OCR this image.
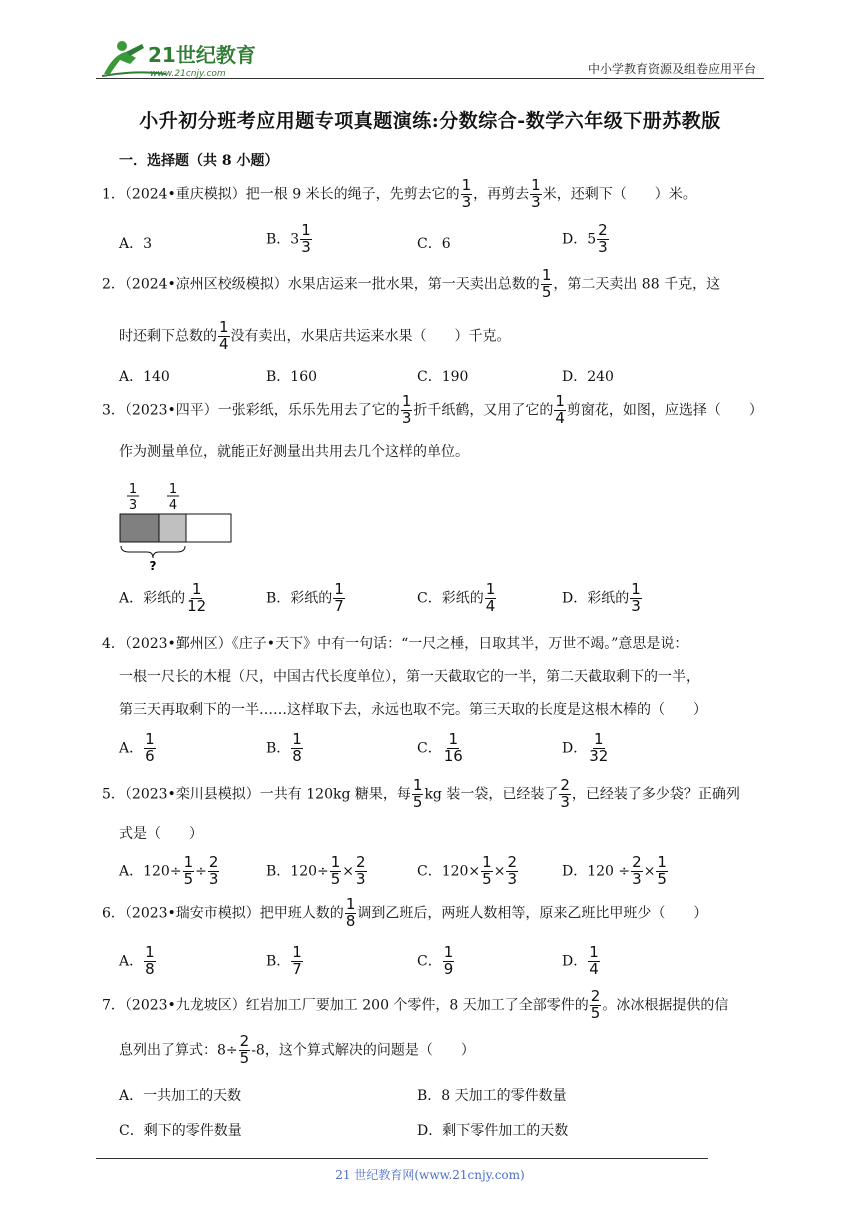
21世纪教育
www.21cnjy.com	中小学教育资源及组卷应用平台
小升初分班考应用题专项真题演练:分数综合-数学六年级下册苏教版
一．选择题（共 8 小题）
1．（2024•重庆模拟）把一根 9 米长的绳子，先剪去它的 $\frac{1}{3}$ ，再剪去 $\frac{1}{3}$ 米，还剩下（　　）米。
A．3	B．$3 \frac{1}{3}$	C．6	D．$5 \frac{2}{3}$
2．（2024•凉州区校级模拟）水果店运来一批水果，第一天卖出总数的 $\frac{1}{5}$ ，第二天卖出 88 千克，这
时还剩下总数的 $\frac{1}{4}$ 没有卖出，水果店共运来水果（　　）千克。
A．140	B．160	C．190	D．240
3．（2023•四平）一张彩纸，乐乐先用去了它的 $\frac{1}{3}$ 折千纸鹤，又用了它的 $\frac{1}{4}$ 剪窗花，如图，应选择（　　）
作为测量单位，就能正好测量出共用去几个这样的单位。
A．彩纸的 $\frac{1}{12}$	B．彩纸的 $\frac{1}{7}$	C．彩纸的 $\frac{1}{4}$	D．彩纸的 $\frac{1}{3}$
4．（2023•鄞州区）《庄子•天下》中有一句话：“一尺之棰，日取其半，万世不竭。”意思是说：
一根一尺长的木棍（尺，中国古代长度单位），第一天截取它的一半，第二天截取剩下的一半，
第三天再取剩下的一半……这样取下去，永远也取不完。第三天取的长度是这根木棒的（　　）
A． $\frac{1}{6}$	B． $\frac{1}{8}$	C． $\frac{1}{16}$	D． $\frac{1}{32}$
5．（2023•栾川县模拟）一共有 120kg 糖果，每 $\frac{1}{5}$ kg 装一袋，已经装了 $\frac{2}{3}$ ，已经装了多少袋？正确列
式是（　　）
A．$120\div \frac{1}{5} \div \frac{2}{3}$	B．$120\div \frac{1}{5} \times \frac{2}{3}$	C．$120\times \frac{1}{5} \times \frac{2}{3}$	D．$120 \div \frac{2}{3} \times \frac{1}{5}$
6．（2023•瑞安市模拟）把甲班人数的 $\frac{1}{8}$ 调到乙班后，两班人数相等，原来乙班比甲班少（　　）
A． $\frac{1}{8}$	B． $\frac{1}{7}$	C． $\frac{1}{9}$	D． $\frac{1}{4}$
7．（2023•九龙坡区）红岩加工厂要加工 200 个零件，8 天加工了全部零件的 $\frac{2}{5}$ 。冰冰根据提供的信
息列出了算式：$8\div \frac{2}{5} -8$，这个算式解决的问题是（　　）
A．一共加工的天数	B．8 天加工的零件数量
C．剩下的零件数量	D．剩下零件加工的天数
1
3
1
4
?
21 世纪教育网(www.21cnjy.com)
